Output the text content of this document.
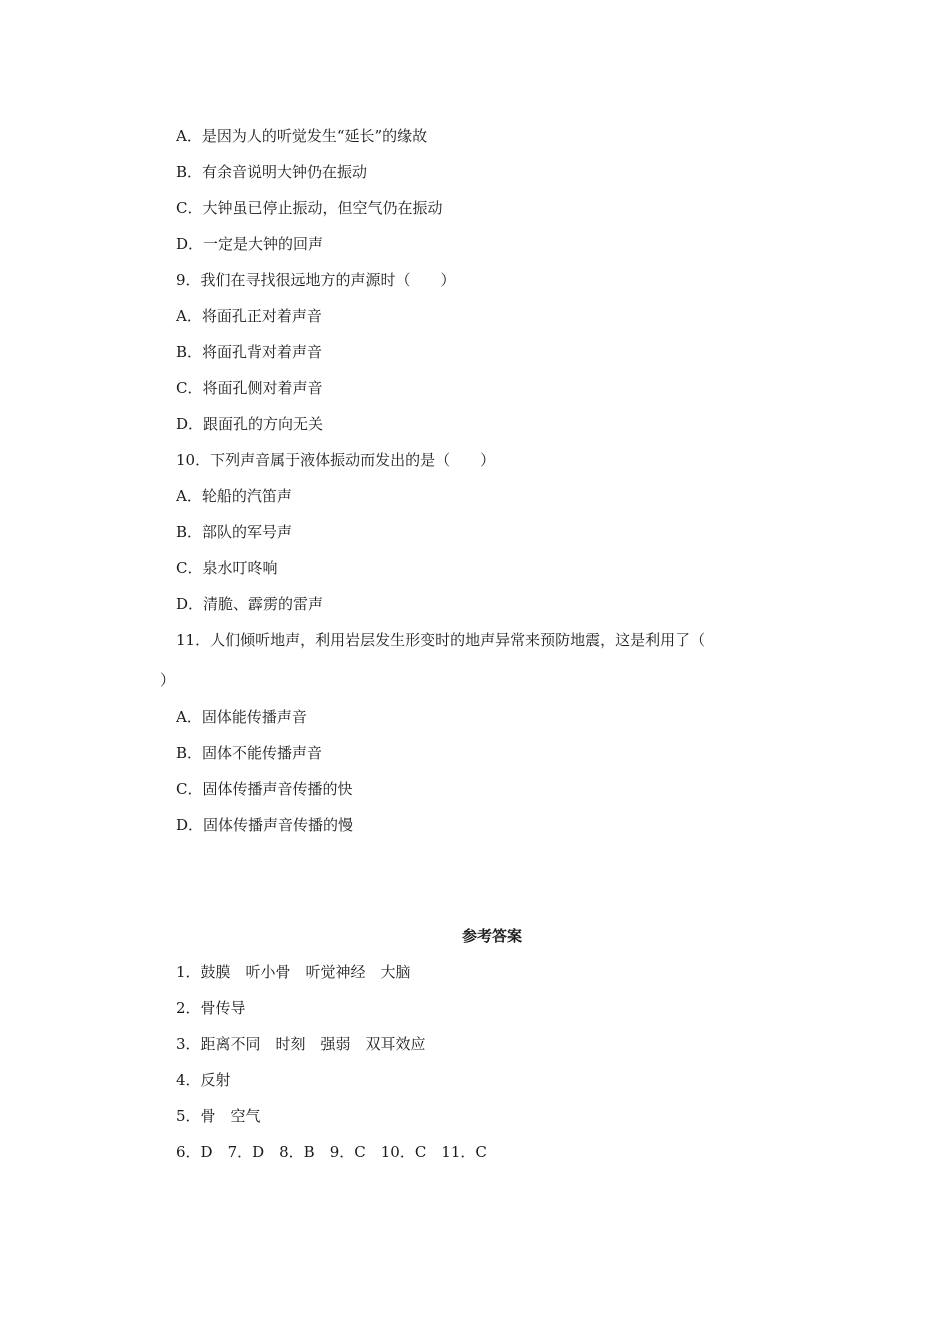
A．是因为人的听觉发生“延长”的缘故
B．有余音说明大钟仍在振动
C．大钟虽已停止振动，但空气仍在振动
D．一定是大钟的回声
9．我们在寻找很远地方的声源时（　　）
A．将面孔正对着声音
B．将面孔背对着声音
C．将面孔侧对着声音
D．跟面孔的方向无关
10．下列声音属于液体振动而发出的是（　　）
A．轮船的汽笛声
B．部队的军号声
C．泉水叮咚响
D．清脆、霹雳的雷声
11．人们倾听地声，利用岩层发生形变时的地声异常来预防地震，这是利用了（
）
A．固体能传播声音
B．固体不能传播声音
C．固体传播声音传播的快
D．固体传播声音传播的慢
参考答案
1．鼓膜　听小骨　听觉神经　大脑
2．骨传导
3．距离不同　时刻　强弱　双耳效应
4．反射
5．骨　空气
6．D　7．D　8．B　9．C　10．C　11．C
